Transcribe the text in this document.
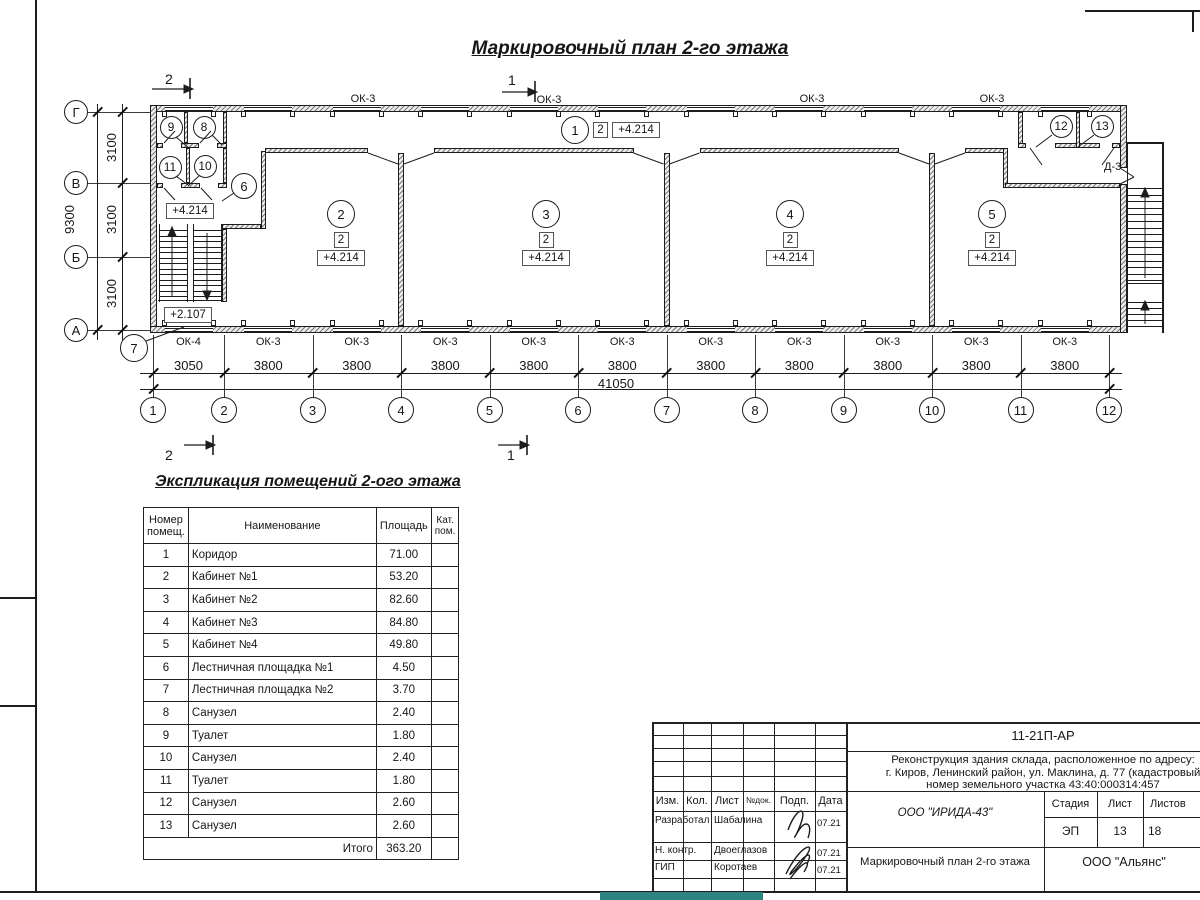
Маркировочный план 2-го этажа
1	2	3	4	5	6	7	8	9	10	11	12
3050	3800	3800	3800	3800	3800	3800	3800	3800	3800	3800
41050
ОК-4	ОК-3	ОК-3	ОК-3	ОК-3	ОК-3	ОК-3	ОК-3	ОК-3	ОК-3	ОК-3
ОК-3	ОК-3	ОК-3	ОК-3
Д-3
Г
В
Б
А
3100
3100
3100
9300
2	1
2	1
1	2	+4.214
2
2
+4.214
3
2
+4.214
4
2
+4.214
5
2
+4.214
6
7
8
9
10
11
12	13
+4.214
+2.107
Экспликация помещений 2-ого этажа
Номер
помещ.	Наименование	Площадь	Кат.
пом.
1	Коридор	71.00	
2	Кабинет №1	53.20	
3	Кабинет №2	82.60	
4	Кабинет №3	84.80	
5	Кабинет №4	49.80	
6	Лестничная площадка №1	4.50	
7	Лестничная площадка №2	3.70	
8	Санузел	2.40	
9	Туалет	1.80	
10	Санузел	2.40	
11	Туалет	1.80	
12	Санузел	2.60	
13	Санузел	2.60	
Итого		363.20	
Изм. Кол. Лист №док. Подп. Дата
Разработал Шабалина	07.21
Н. контр.	Двоеглазов	07.21
ГИП	Коротаев	07.21
11-21П-АР
Реконструкция здания склада, расположенное по адресу:
г. Киров, Ленинский район, ул. Маклина, д. 77 (кадастровый
номер земельного участка 43:40:000314:457
ООО "ИРИДА-43"
Стадия	Лист	Листов
ЭП	13	18
Маркировочный план 2-го этажа	ООО "Альянс"
